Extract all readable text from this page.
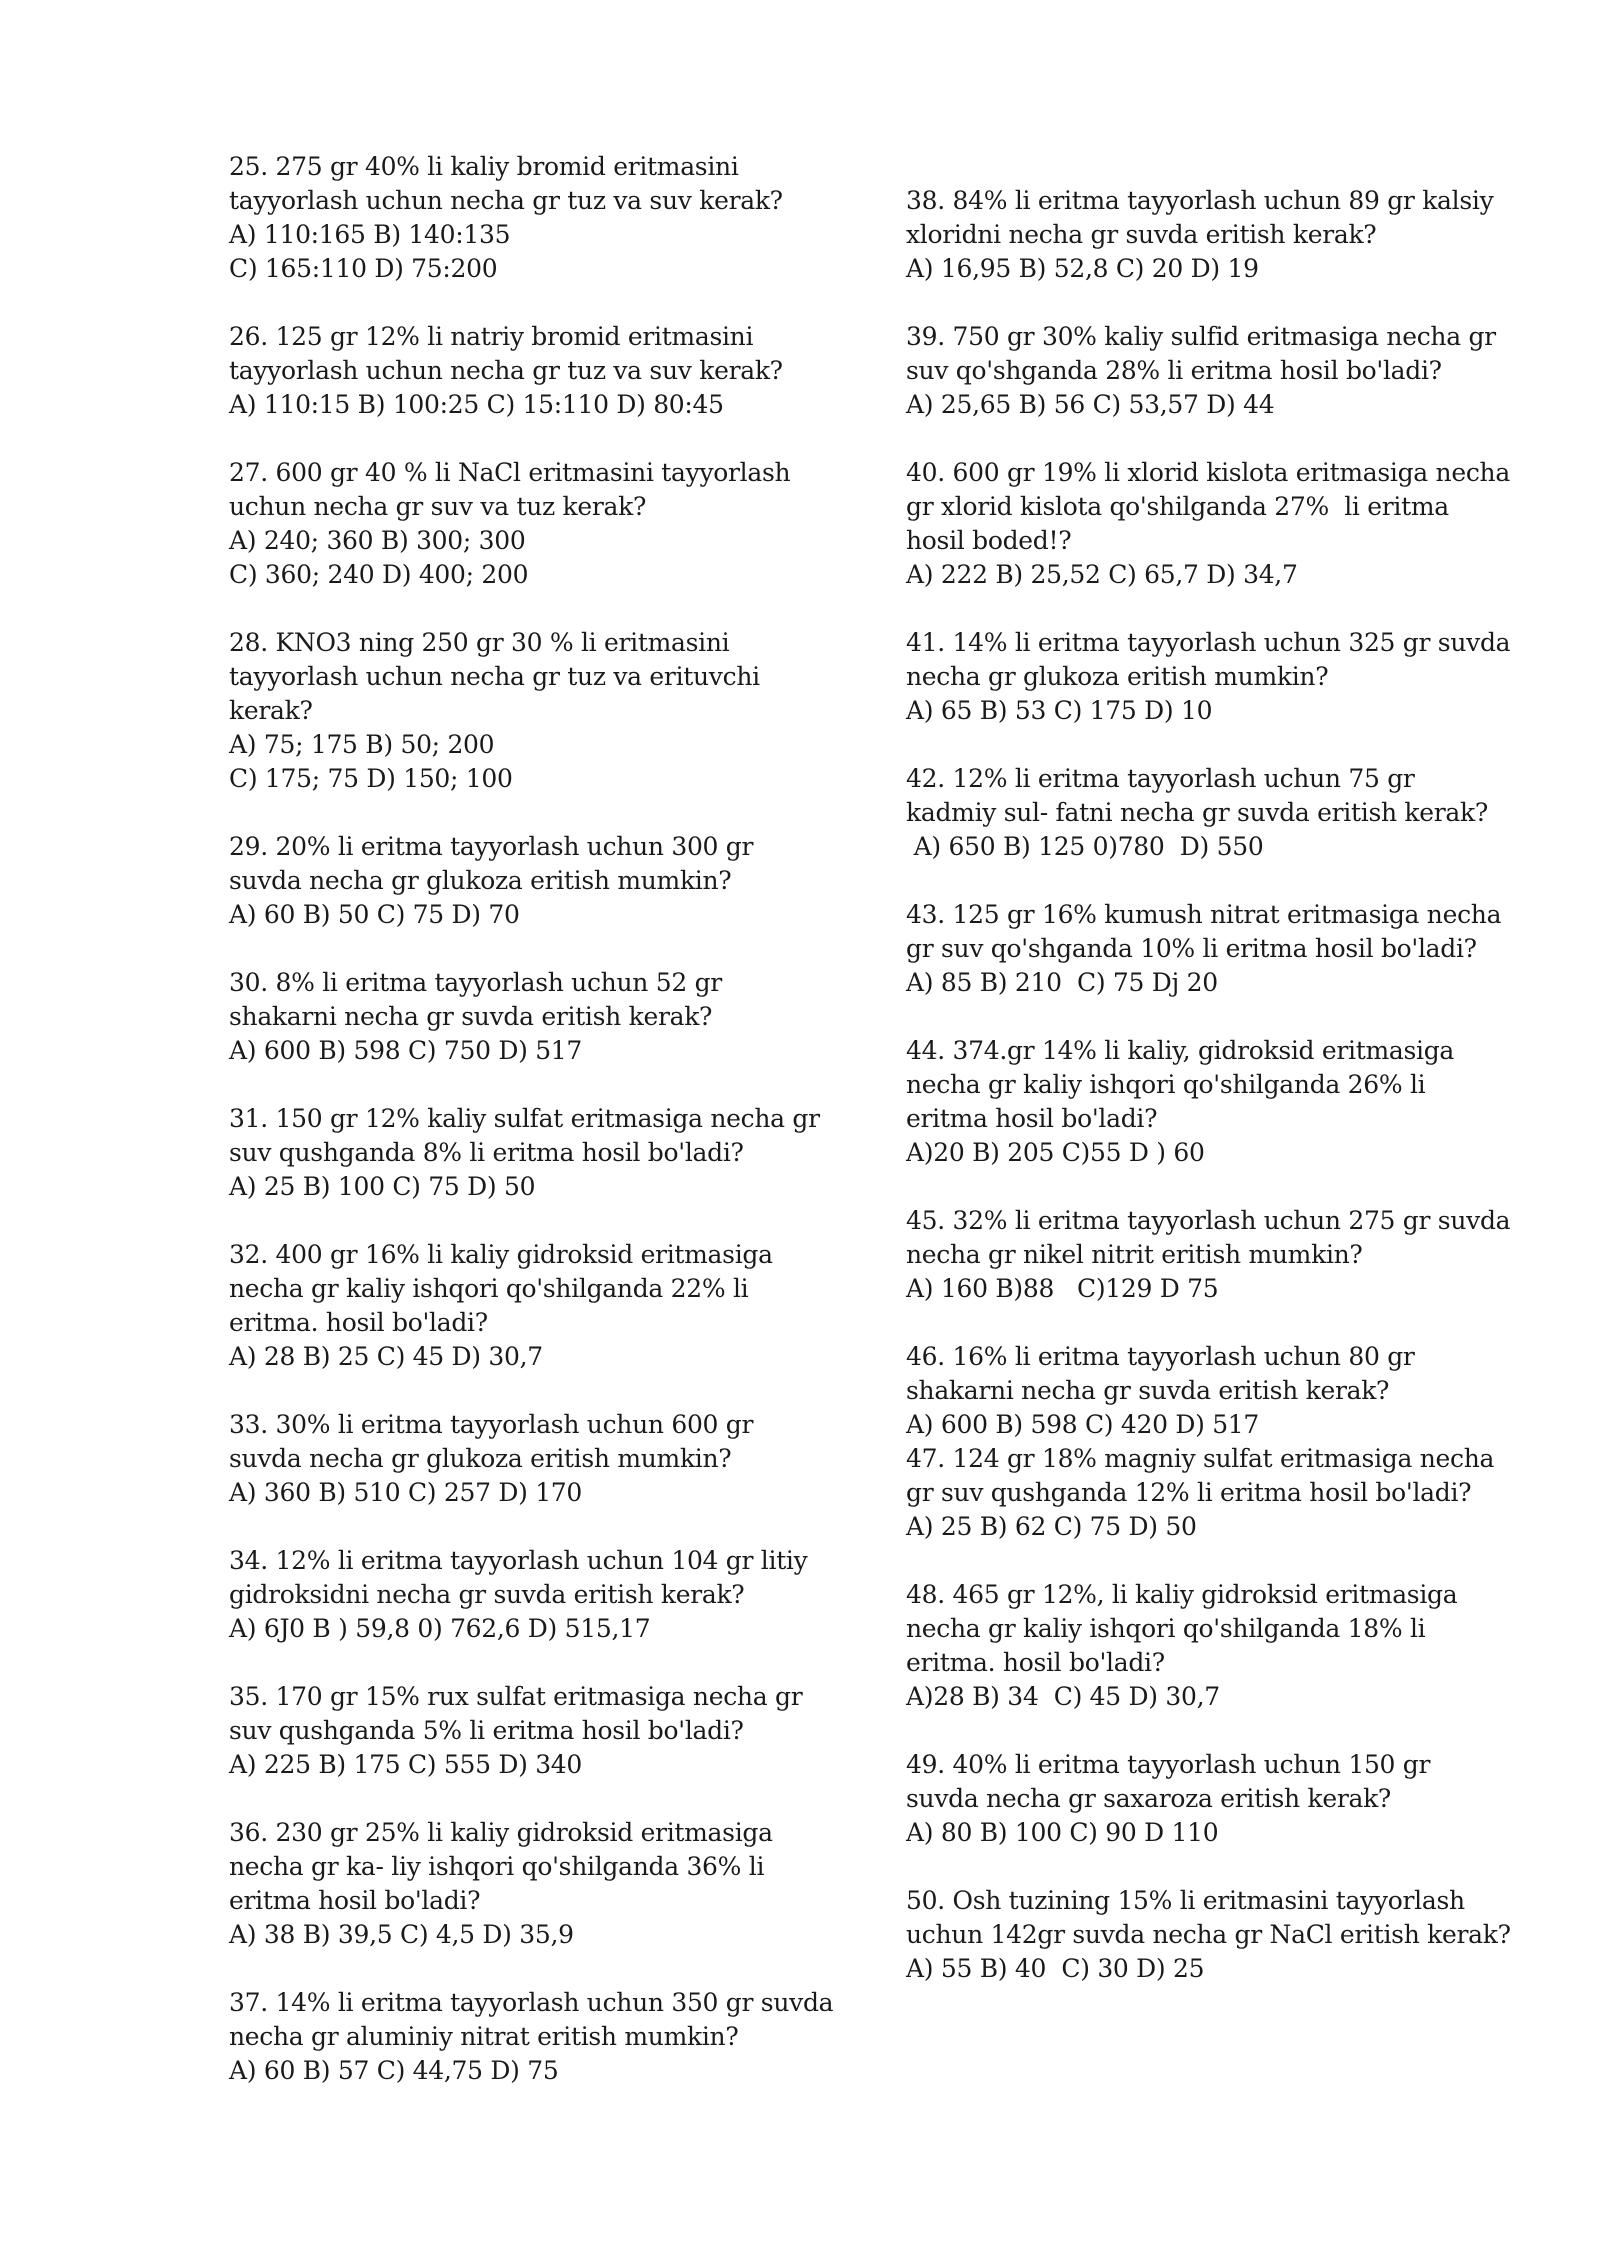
25. 275 gr 40% li kaliy bromid eritmasini
tayyorlash uchun necha gr tuz va suv kerak?
A) 110:165 B) 140:135
C) 165:110 D) 75:200
26. 125 gr 12% li natriy bromid eritmasini
tayyorlash uchun necha gr tuz va suv kerak?
A) 110:15 B) 100:25 C) 15:110 D) 80:45
27. 600 gr 40 % li NaCl eritmasini tayyorlash
uchun necha gr suv va tuz kerak?
A) 240; 360 B) 300; 300
C) 360; 240 D) 400; 200
28. KNO3 ning 250 gr 30 % li eritmasini
tayyorlash uchun necha gr tuz va erituvchi
kerak?
A) 75; 175 B) 50; 200
C) 175; 75 D) 150; 100
29. 20% li eritma tayyorlash uchun 300 gr
suvda necha gr glukoza eritish mumkin?
A) 60 B) 50 C) 75 D) 70
30. 8% li eritma tayyorlash uchun 52 gr
shakarni necha gr suvda eritish kerak?
A) 600 B) 598 C) 750 D) 517
31. 150 gr 12% kaliy sulfat eritmasiga necha gr
suv qushganda 8% li eritma hosil bo'ladi?
A) 25 B) 100 C) 75 D) 50
32. 400 gr 16% li kaliy gidroksid eritmasiga
necha gr kaliy ishqori qo'shilganda 22% li
eritma. hosil bo'ladi?
A) 28 B) 25 C) 45 D) 30,7
33. 30% li eritma tayyorlash uchun 600 gr
suvda necha gr glukoza eritish mumkin?
A) 360 B) 510 C) 257 D) 170
34. 12% li eritma tayyorlash uchun 104 gr litiy
gidroksidni necha gr suvda eritish kerak?
A) 6J0 B ) 59,8 0) 762,6 D) 515,17
35. 170 gr 15% rux sulfat eritmasiga necha gr
suv qushganda 5% li eritma hosil bo'ladi?
A) 225 B) 175 C) 555 D) 340
36. 230 gr 25% li kaliy gidroksid eritmasiga
necha gr ka- liy ishqori qo'shilganda 36% li
eritma hosil bo'ladi?
A) 38 B) 39,5 C) 4,5 D) 35,9
37. 14% li eritma tayyorlash uchun 350 gr suvda
necha gr aluminiy nitrat eritish mumkin?
A) 60 B) 57 C) 44,75 D) 75
38. 84% li eritma tayyorlash uchun 89 gr kalsiy
xloridni necha gr suvda eritish kerak?
A) 16,95 B) 52,8 C) 20 D) 19
39. 750 gr 30% kaliy sulfid eritmasiga necha gr
suv qo'shganda 28% li eritma hosil bo'ladi?
A) 25,65 B) 56 C) 53,57 D) 44
40. 600 gr 19% li xlorid kislota eritmasiga necha
gr xlorid kislota qo'shilganda 27%  li eritma
hosil boded!?
A) 222 B) 25,52 C) 65,7 D) 34,7
41. 14% li eritma tayyorlash uchun 325 gr suvda
necha gr glukoza eritish mumkin?
A) 65 B) 53 C) 175 D) 10
42. 12% li eritma tayyorlash uchun 75 gr
kadmiy sul- fatni necha gr suvda eritish kerak?
A) 650 B) 125 0)780  D) 550
43. 125 gr 16% kumush nitrat eritmasiga necha
gr suv qo'shganda 10% li eritma hosil bo'ladi?
A) 85 B) 210  C) 75 Dj 20
44. 374.gr 14% li kaliy, gidroksid eritmasiga
necha gr kaliy ishqori qo'shilganda 26% li
eritma hosil bo'ladi?
A)20 B) 205 C)55 D ) 60
45. 32% li eritma tayyorlash uchun 275 gr suvda
necha gr nikel nitrit eritish mumkin?
A) 160 B)88   C)129 D 75
46. 16% li eritma tayyorlash uchun 80 gr
shakarni necha gr suvda eritish kerak?
A) 600 B) 598 C) 420 D) 517
47. 124 gr 18% magniy sulfat eritmasiga necha
gr suv qushganda 12% li eritma hosil bo'ladi?
A) 25 B) 62 C) 75 D) 50
48. 465 gr 12%, li kaliy gidroksid eritmasiga
necha gr kaliy ishqori qo'shilganda 18% li
eritma. hosil bo'ladi?
A)28 B) 34  C) 45 D) 30,7
49. 40% li eritma tayyorlash uchun 150 gr
suvda necha gr saxaroza eritish kerak?
A) 80 B) 100 C) 90 D 110
50. Osh tuzining 15% li eritmasini tayyorlash
uchun 142gr suvda necha gr NaCl eritish kerak?
A) 55 B) 40  C) 30 D) 25
